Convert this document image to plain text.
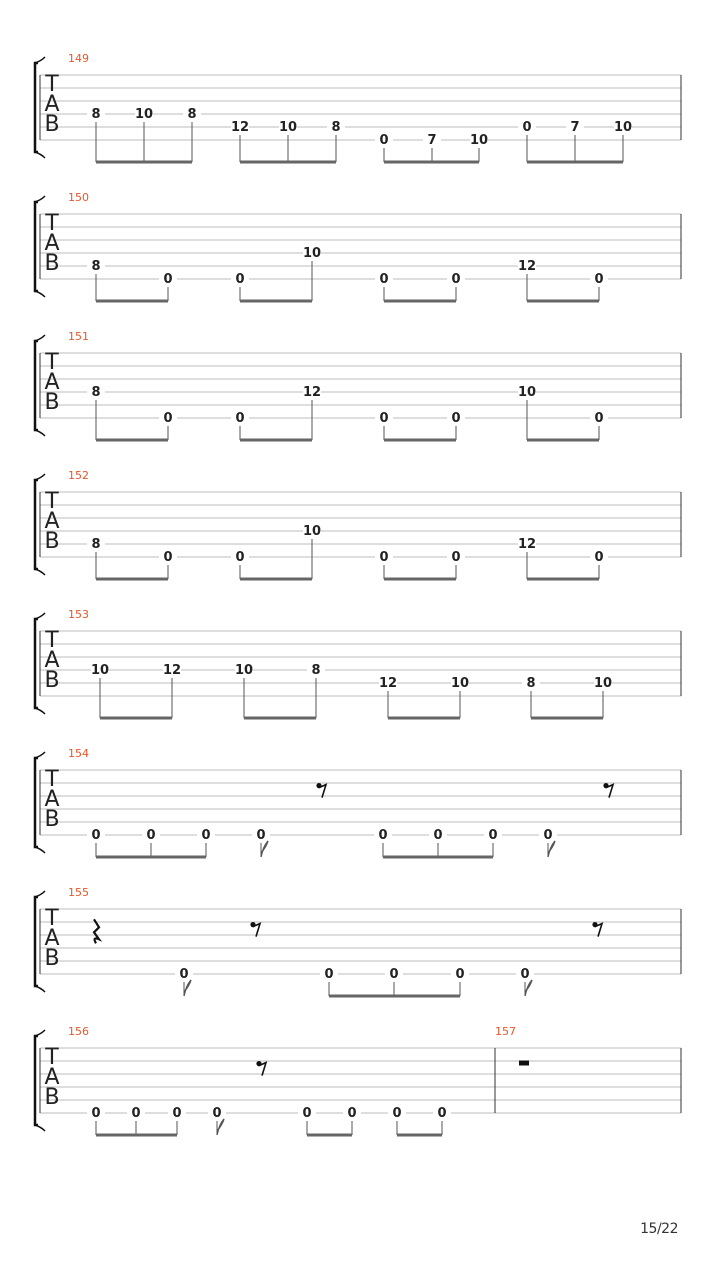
T
A
B
149
8	10	8
12 10	8
0	7	10
0	7	10
T
A
B
150
8
0	0
10
0	0
12
0
T
A
B
151
8
0	0
12
0	0
10
0
T
A
B
152
8
0	0
10
0	0
12
0
T
A
B
153
10	12	10	8
12	10	8	10
T
A
B
154
0	0	0	0	0	0	0	0
T
A
B
155
0	0	0	0	0
T
A
B
156
0 0 0 0	0	0	0	0
157
15/22
